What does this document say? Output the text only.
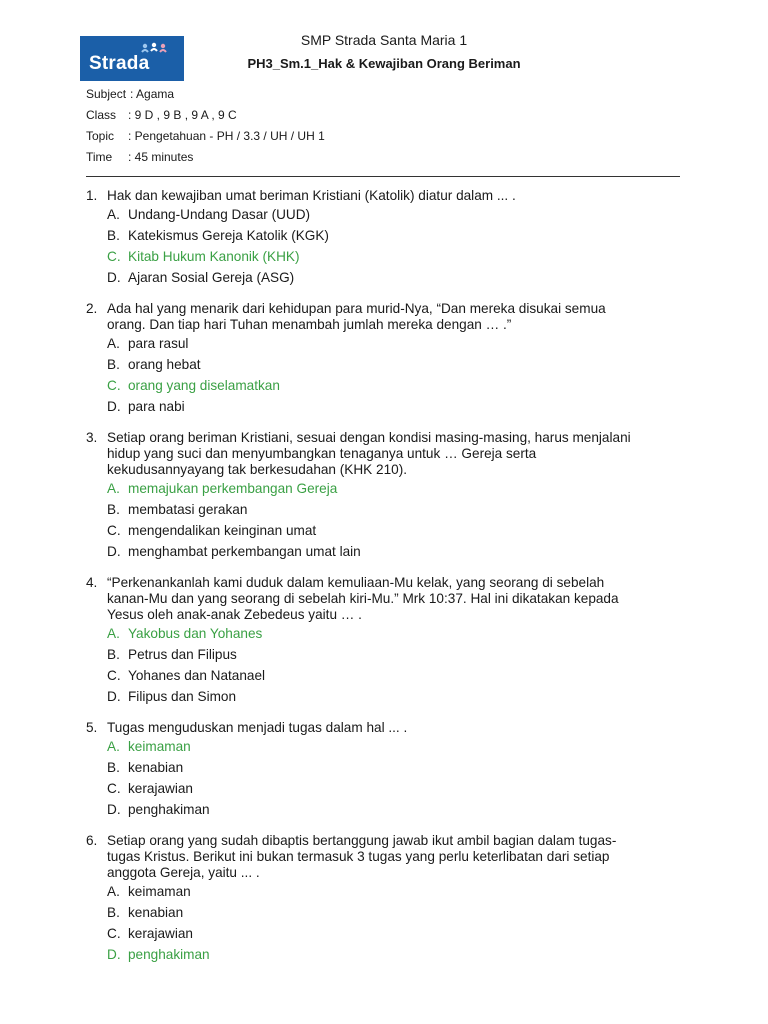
Strada
SMP Strada Santa Maria 1
PH3_Sm.1_Hak & Kewajiban Orang Beriman
Subject : Agama
Class : 9 D , 9 B , 9 A , 9 C
Topic	: Pengetahuan - PH / 3.3 / UH / UH 1
Time	: 45 minutes
1. Hak dan kewajiban umat beriman Kristiani (Katolik) diatur dalam ... .
A. Undang-Undang Dasar (UUD)
B. Katekismus Gereja Katolik (KGK)
C. Kitab Hukum Kanonik (KHK)
D. Ajaran Sosial Gereja (ASG)
2. Ada hal yang menarik dari kehidupan para murid-Nya, “Dan mereka disukai semua
orang. Dan tiap hari Tuhan menambah jumlah mereka dengan … .”
A. para rasul
B. orang hebat
C. orang yang diselamatkan
D. para nabi
3. Setiap orang beriman Kristiani, sesuai dengan kondisi masing-masing, harus menjalani
hidup yang suci dan menyumbangkan tenaganya untuk … Gereja serta
kekudusannyayang tak berkesudahan (KHK 210).
A. memajukan perkembangan Gereja
B. membatasi gerakan
C. mengendalikan keinginan umat
D. menghambat perkembangan umat lain
4. “Perkenankanlah kami duduk dalam kemuliaan-Mu kelak, yang seorang di sebelah
kanan-Mu dan yang seorang di sebelah kiri-Mu.” Mrk 10:37. Hal ini dikatakan kepada
Yesus oleh anak-anak Zebedeus yaitu … .
A. Yakobus dan Yohanes
B. Petrus dan Filipus
C. Yohanes dan Natanael
D. Filipus dan Simon
5. Tugas menguduskan menjadi tugas dalam hal ... .
A. keimaman
B. kenabian
C. kerajawian
D. penghakiman
6. Setiap orang yang sudah dibaptis bertanggung jawab ikut ambil bagian dalam tugas-
tugas Kristus. Berikut ini bukan termasuk 3 tugas yang perlu keterlibatan dari setiap
anggota Gereja, yaitu ... .
A. keimaman
B. kenabian
C. kerajawian
D. penghakiman
